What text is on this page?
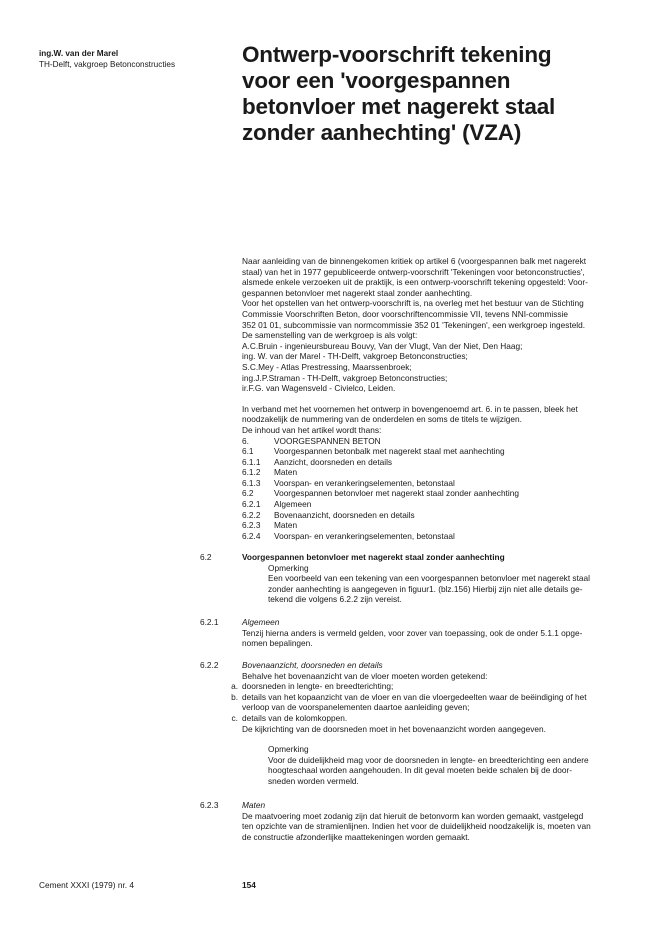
ing.W. van der Marel
TH-Delft, vakgroep Betonconstructies	Ontwerp-voorschrift tekening
voor een 'voorgespannen
betonvloer met nagerekt staal
zonder aanhechting' (VZA)

Naar aanleiding van de binnengekomen kritiek op artikel 6 (voorgespannen balk met nagerekt

staal) van het in 1977 gepubliceerde ontwerp-voorschrift 'Tekeningen voor betonconstructies',

alsmede enkele verzoeken uit de praktijk, is een ontwerp-voorschrift tekening opgesteld: Voor-

gespannen betonvloer met nagerekt staal zonder aanhechting.

Voor het opstellen van het ontwerp-voorschrift is, na overleg met het bestuur van de Stichting

Commissie Voorschriften Beton, door voorschriftencommissie VII, tevens NNI-commissie

352 01 01, subcommissie van normcommissie 352 01 'Tekeningen', een werkgroep ingesteld.

De samenstelling van de werkgroep is als volgt:

A.C.Bruin - ingenieursbureau Bouvy, Van der Vlugt, Van der Niet, Den Haag;

ing. W. van der Marel - TH-Delft, vakgroep Betonconstructies;

S.C.Mey - Atlas Prestressing, Maarssenbroek;

ing.J.P.Straman - TH-Delft, vakgroep Betonconstructies;

ir.F.G. van Wagensveld - Civielco, Leiden.

In verband met het voornemen het ontwerp in bovengenoemd art. 6. in te passen, bleek het

noodzakelijk de nummering van de onderdelen en soms de titels te wijzigen.

De inhoud van het artikel wordt thans:

6.	VOORGESPANNEN BETON
6.1	Voorgespannen betonbalk met nagerekt staal met aanhechting
6.1.1	Aanzicht, doorsneden en details
6.1.2	Maten
6.1.3	Voorspan- en verankeringselementen, betonstaal
6.2	Voorgespannen betonvloer met nagerekt staal zonder aanhechting
6.2.1	Algemeen
6.2.2	Bovenaanzicht, doorsneden en details
6.2.3	Maten
6.2.4	Voorspan- en verankeringselementen, betonstaal
6.2	Voorgespannen betonvloer met nagerekt staal zonder aanhechting
Opmerking
Een voorbeeld van een tekening van een voorgespannen betonvloer met nagerekt staal
zonder aanhechting is aangegeven in figuur1. (blz.156) Hierbij zijn niet alle details ge-
tekend die volgens 6.2.2 zijn vereist.
6.2.1	Algemeen
Tenzij hierna anders is vermeld gelden, voor zover van toepassing, ook de onder 5.1.1 opge-
nomen bepalingen.
6.2.2	Bovenaanzicht, doorsneden en details
Behalve het bovenaanzicht van de vloer moeten worden getekend:
a. doorsneden in lengte- en breedterichting;
b. details van het kopaanzicht van de vloer en van die vloergedeelten waar de beëindiging of het
verloop van de voorspanelementen daartoe aanleiding geven;
c. details van de kolomkoppen.
De kijkrichting van de doorsneden moet in het bovenaanzicht worden aangegeven.
Opmerking
Voor de duidelijkheid mag voor de doorsneden in lengte- en breedterichting een andere
hoogteschaal worden aangehouden. In dit geval moeten beide schalen bij de door-
sneden worden vermeld.
6.2.3	Maten
De maatvoering moet zodanig zijn dat hieruit de betonvorm kan worden gemaakt, vastgelegd
ten opzichte van de stramienlijnen. Indien het voor de duidelijkheid noodzakelijk is, moeten van
de constructie afzonderlijke maattekeningen worden gemaakt.
Cement XXXI (1979) nr. 4	154
